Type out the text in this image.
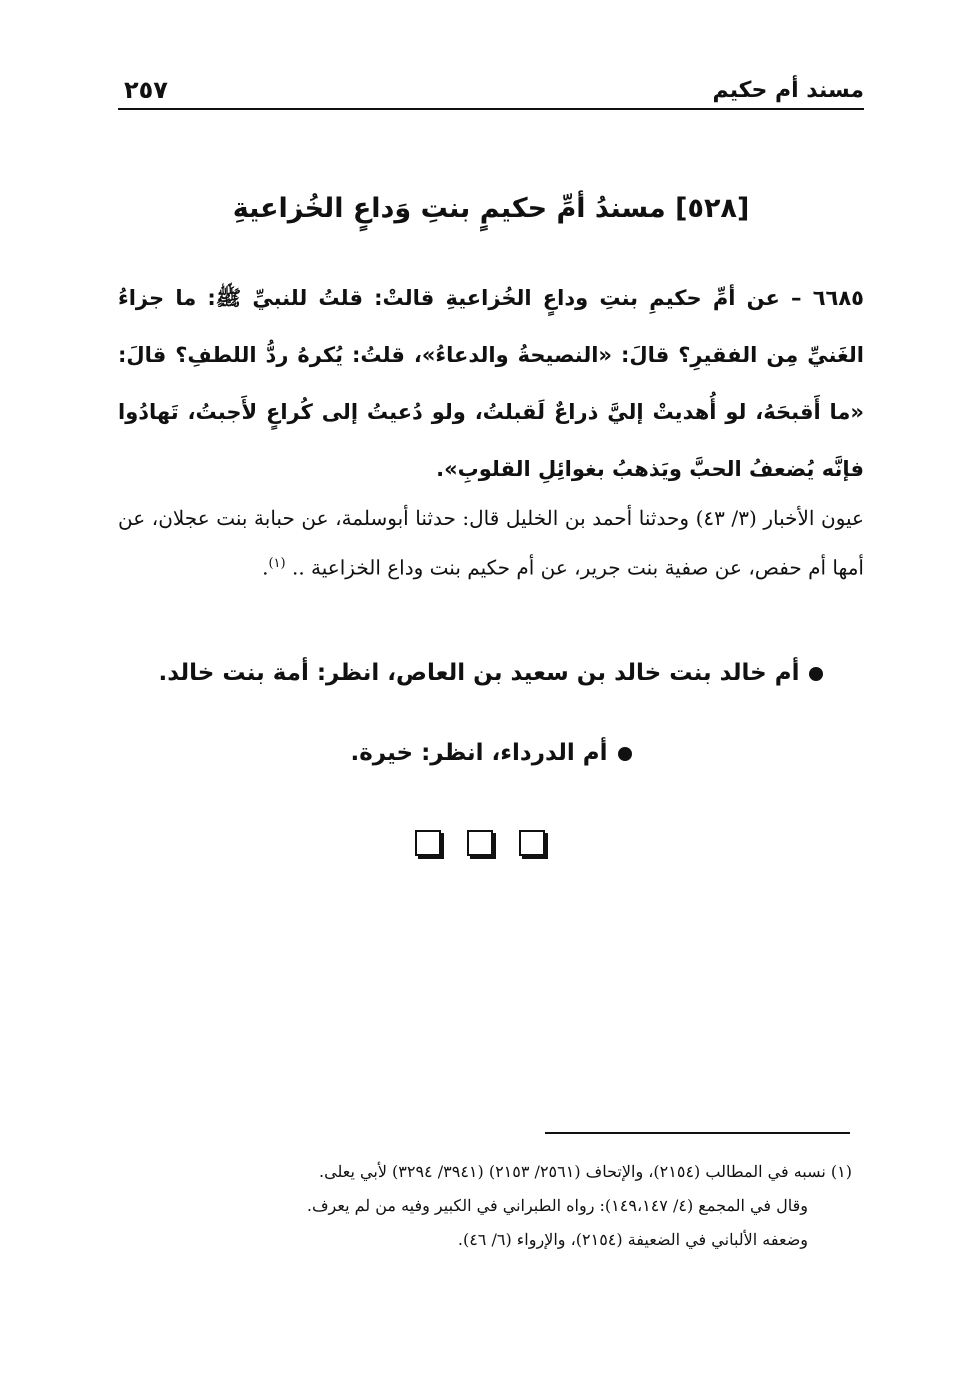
مسند أم حكيم
٢٥٧
[٥٢٨] مسندُ أمِّ حكيمٍ بنتِ وَداعٍ الخُزاعيةِ
٦٦٨٥ – عن أمِّ حكيمِ بنتِ وداعٍ الخُزاعيةِ قالتْ: قلتُ للنبيِّ ﷺ: ما جزاءُ الغَنيِّ مِن الفقيرِ؟ قالَ: «النصيحةُ والدعاءُ»، قلتُ: يُكرهُ ردُّ اللطفِ؟ قالَ: «ما أَقبحَهُ، لو أُهديتْ إليَّ ذراعٌ لَقبلتُ، ولو دُعيتُ إلى كُراعٍ لأَجبتُ، تَهادُوا فإنَّه يُضعفُ الحبَّ ويَذهبُ بغوائِلِ القلوبِ».
عيون الأخبار (٣/ ٤٣) وحدثنا أحمد بن الخليل قال: حدثنا أبوسلمة، عن حبابة بنت عجلان، عن أمها أم حفص، عن صفية بنت جرير، عن أم حكيم بنت وداع الخزاعية .. $^{(١)}$.
أم خالد بنت خالد بن سعيد بن العاص، انظر: أمة بنت خالد.
أم الدرداء، انظر: خيرة.
(١) نسبه في المطالب (٢١٥٤)، والإتحاف (٢٥٦١/ ٢١٥٣) (٣٩٤١/ ٣٢٩٤) لأبي يعلى.
وقال في المجمع (٤/ ١٤٩،١٤٧): رواه الطبراني في الكبير وفيه من لم يعرف.
وضعفه الألباني في الضعيفة (٢١٥٤)، والإرواء (٦/ ٤٦).
